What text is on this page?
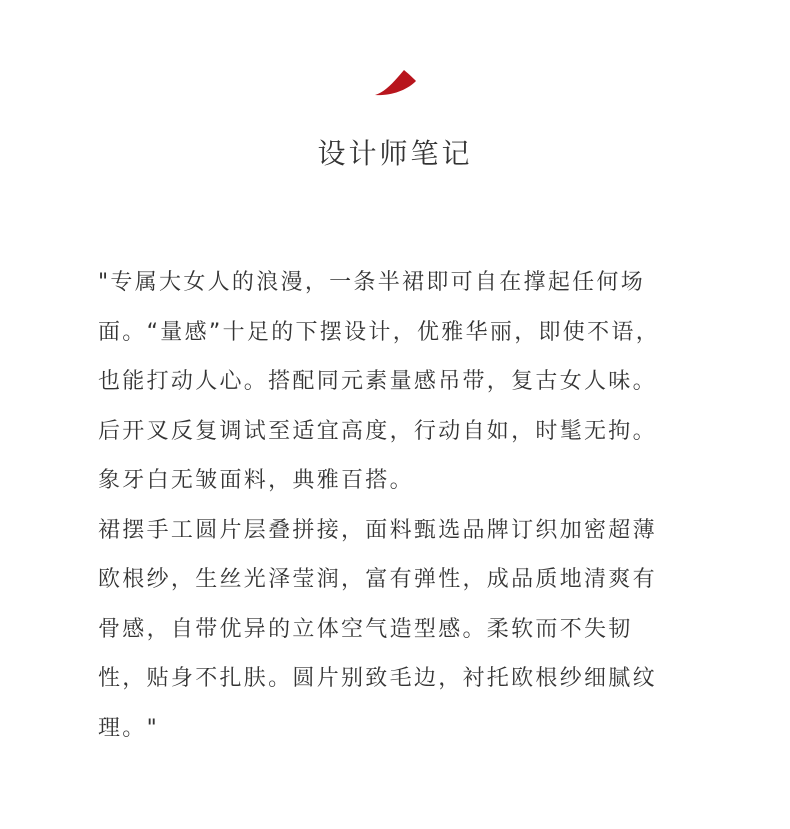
设计师笔记
"专属大女人的浪漫，一条半裙即可自在撑起任何场
面。“量感”十足的下摆设计，优雅华丽，即使不语，
也能打动人心。搭配同元素量感吊带，复古女人味。
后开叉反复调试至适宜高度，行动自如，时髦无拘。
象牙白无皱面料，典雅百搭。
裙摆手工圆片层叠拼接，面料甄选品牌订织加密超薄
欧根纱，生丝光泽莹润，富有弹性，成品质地清爽有
骨感，自带优异的立体空气造型感。柔软而不失韧
性，贴身不扎肤。圆片别致毛边，衬托欧根纱细腻纹
理。"
